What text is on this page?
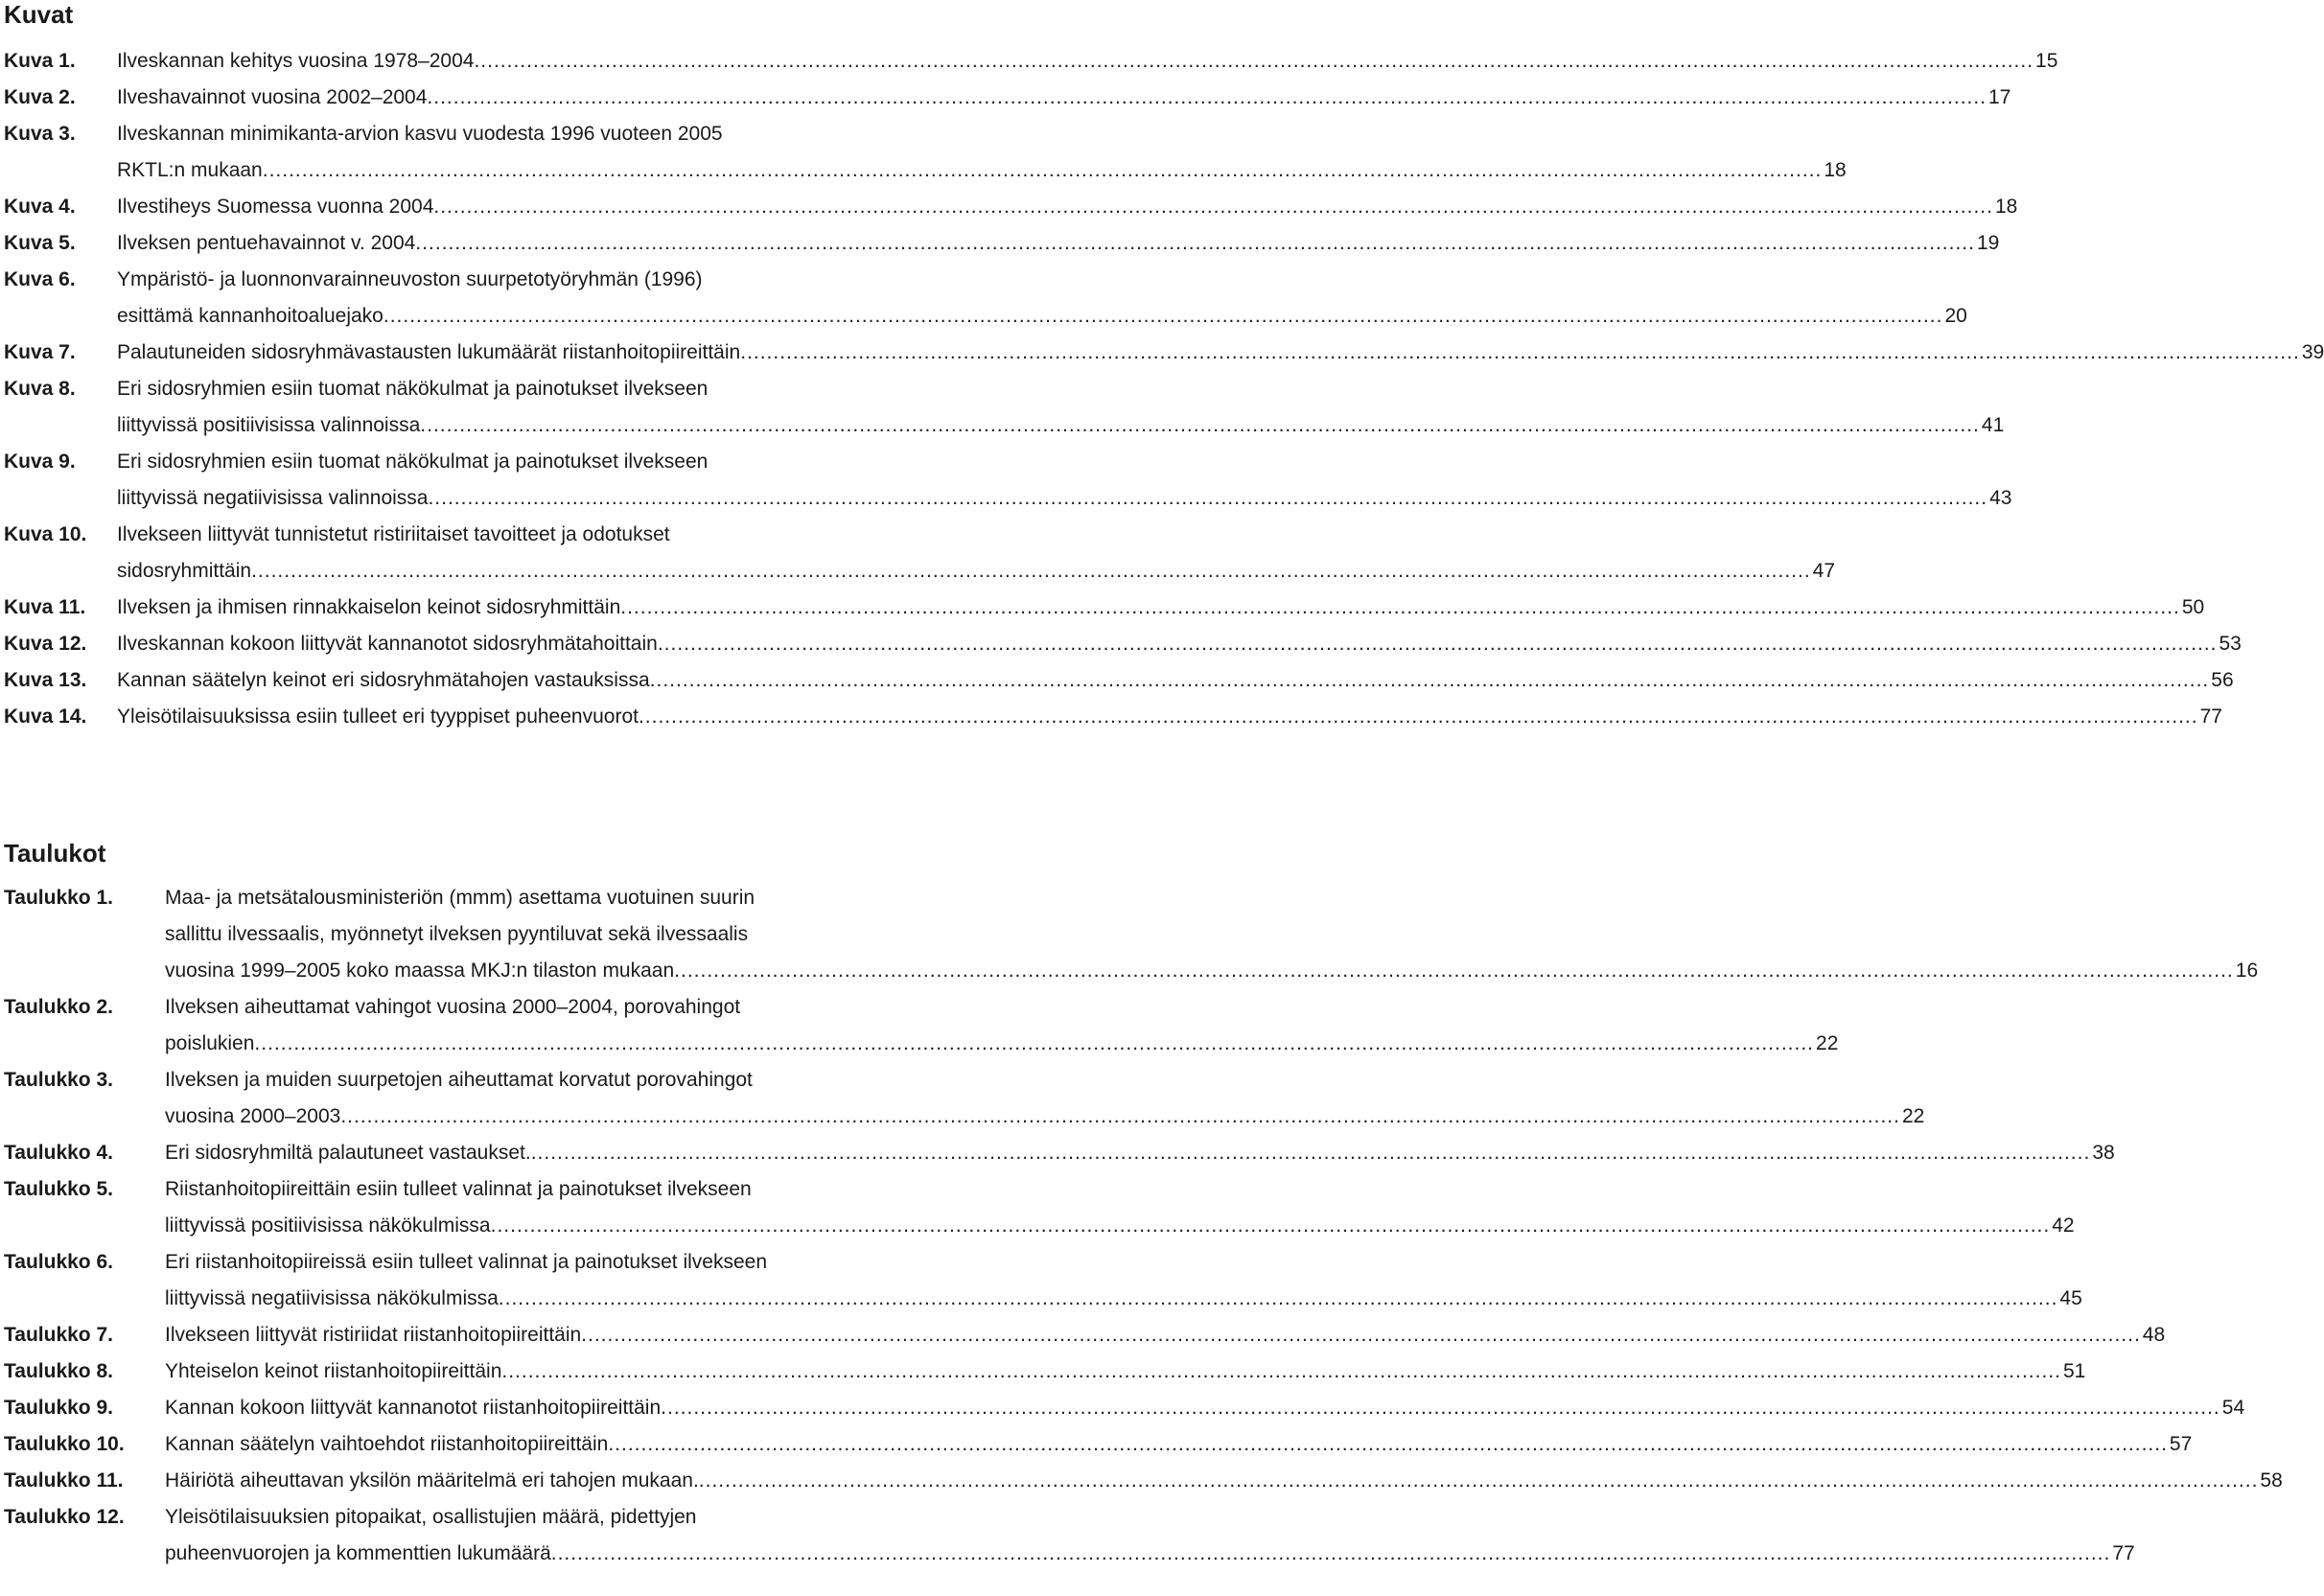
Kuvat
Kuva 1.	Ilveskannan kehitys vuosina 1978–2004 .....	15
Kuva 2.	Ilveshavainnot vuosina 2002–2004 .....	17
Kuva 3.	Ilveskannan minimikanta-arvion kasvu vuodesta 1996 vuoteen 2005
RKTL:n mukaan .....	18
Kuva 4.	Ilvestiheys Suomessa vuonna 2004 .....	18
Kuva 5.	Ilveksen pentuehavainnot v. 2004 .....	19
Kuva 6.	Ympäristö- ja luonnonvarainneuvoston suurpetotyöryhmän (1996)
esittämä kannanhoitoaluejako .....	20
Kuva 7.	Palautuneiden sidosryhmävastausten lukumäärät riistanhoitopiireittäin .....	39
Kuva 8.	Eri sidosryhmien esiin tuomat näkökulmat ja painotukset ilvekseen
liittyvissä positiivisissa valinnoissa .....	41
Kuva 9.	Eri sidosryhmien esiin tuomat näkökulmat ja painotukset ilvekseen
liittyvissä negatiivisissa valinnoissa .....	43
Kuva 10.	Ilvekseen liittyvät tunnistetut ristiriitaiset tavoitteet ja odotukset
sidosryhmittäin .....	47
Kuva 11.	Ilveksen ja ihmisen rinnakkaiselon keinot sidosryhmittäin .....	50
Kuva 12.	Ilveskannan kokoon liittyvät kannanotot sidosryhmätahoittain .....	53
Kuva 13.	Kannan säätelyn keinot eri sidosryhmätahojen vastauksissa .....	56
Kuva 14.	Yleisötilaisuuksissa esiin tulleet eri tyyppiset puheenvuorot .....	77
Taulukot
Taulukko 1.	Maa- ja metsätalousministeriön (mmm) asettama vuotuinen suurin
sallittu ilvessaalis, myönnetyt ilveksen pyyntiluvat sekä ilvessaalis
vuosina 1999–2005 koko maassa MKJ:n tilaston mukaan .....	16
Taulukko 2.	Ilveksen aiheuttamat vahingot vuosina 2000–2004, porovahingot
poislukien .....	22
Taulukko 3.	Ilveksen ja muiden suurpetojen aiheuttamat korvatut porovahingot
vuosina 2000–2003 .....	22
Taulukko 4.	Eri sidosryhmiltä palautuneet vastaukset. .....	38
Taulukko 5.	Riistanhoitopiireittäin esiin tulleet valinnat ja painotukset ilvekseen
liittyvissä positiivisissa näkökulmissa .....	42
Taulukko 6.	Eri riistanhoitopiireissä esiin tulleet valinnat ja painotukset ilvekseen
liittyvissä negatiivisissa näkökulmissa .....	45
Taulukko 7.	Ilvekseen liittyvät ristiriidat riistanhoitopiireittäin .....	48
Taulukko 8.	Yhteiselon keinot riistanhoitopiireittäin .....	51
Taulukko 9.	Kannan kokoon liittyvät kannanotot riistanhoitopiireittäin .....	54
Taulukko 10.	Kannan säätelyn vaihtoehdot riistanhoitopiireittäin .....	57
Taulukko 11.	Häiriötä aiheuttavan yksilön määritelmä eri tahojen mukaan. .....	58
Taulukko 12.	Yleisötilaisuuksien pitopaikat, osallistujien määrä, pidettyjen
puheenvuorojen ja kommenttien lukumäärä .....	77
